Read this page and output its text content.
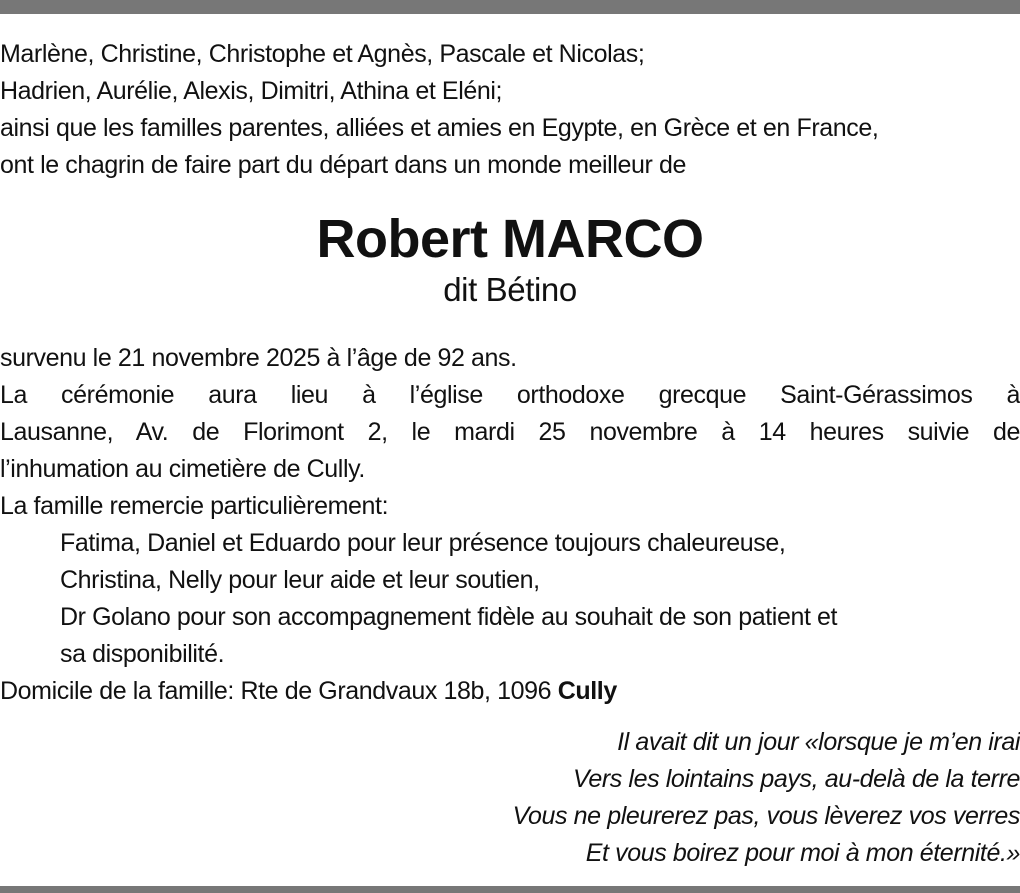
Marlène, Christine, Christophe et Agnès, Pascale et Nicolas;
Hadrien, Aurélie, Alexis, Dimitri, Athina et Eléni;
ainsi que les familles parentes, alliées et amies en Egypte, en Grèce et en France,
ont le chagrin de faire part du départ dans un monde meilleur de
Robert MARCO
dit Bétino
survenu le 21 novembre 2025 à l’âge de 92 ans.
La cérémonie aura lieu à l’église orthodoxe grecque Saint-Gérassimos à
Lausanne, Av. de Florimont 2, le mardi 25 novembre à 14 heures suivie de
l’inhumation au cimetière de Cully.
La famille remercie particulièrement:
Fatima, Daniel et Eduardo pour leur présence toujours chaleureuse,
Christina, Nelly pour leur aide et leur soutien,
Dr Golano pour son accompagnement fidèle au souhait de son patient et
sa disponibilité.
Domicile de la famille: Rte de Grandvaux 18b, 1096 Cully
Il avait dit un jour «lorsque je m’en irai
Vers les lointains pays, au-delà de la terre
Vous ne pleurerez pas, vous lèverez vos verres
Et vous boirez pour moi à mon éternité.»
